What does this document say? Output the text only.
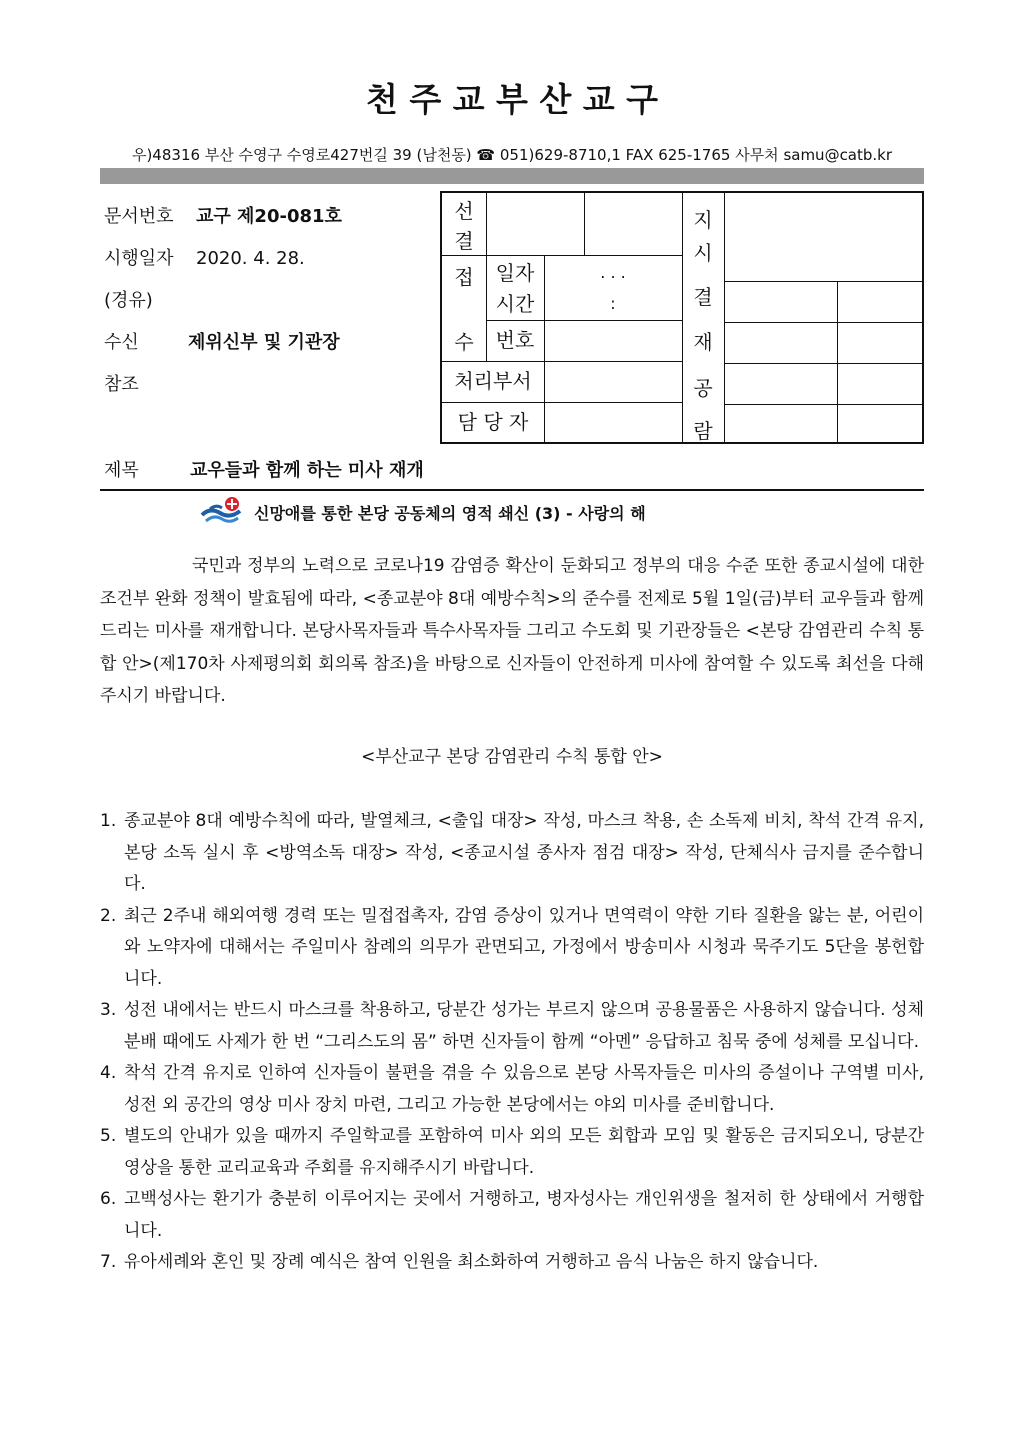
천 주 교 부 산 교 구
우)48316 부산 수영구 수영로427번길 39 (남천동) ☎ 051)629-8710,1 FAX 625-1765 사무처 samu@catb.kr
문서번호 교구 제20-081호
시행일자 2020. 4. 28.
(경유)
수신	제위신부 및 기관장
참조
선
결
접
수
일자
시간
번호
. . .
:
처리부서
담 당 자
지
시
결
재
공
람
제목	교우들과 함께 하는 미사 재개
신망애를 통한 본당 공동체의 영적 쇄신 (3) - 사랑의 해
국민과 정부의 노력으로 코로나19 감염증 확산이 둔화되고 정부의 대응 수준 또한 종교시설에 대한 조건부 완화 정책이 발효됨에 따라, <종교분야 8대 예방수칙>의 준수를 전제로 5월 1일(금)부터 교우들과 함께 드리는 미사를 재개합니다. 본당사목자들과 특수사목자들 그리고 수도회 및 기관장들은 <본당 감염관리 수칙 통합 안>(제170차 사제평의회 회의록 참조)을 바탕으로 신자들이 안전하게 미사에 참여할 수 있도록 최선을 다해주시기 바랍니다.
<부산교구 본당 감염관리 수칙 통합 안>
1. 종교분야 8대 예방수칙에 따라, 발열체크, <출입 대장> 작성, 마스크 착용, 손 소독제 비치, 착석 간격 유지, 본당 소독 실시 후 <방역소독 대장> 작성, <종교시설 종사자 점검 대장> 작성, 단체식사 금지를 준수합니다.
2. 최근 2주내 해외여행 경력 또는 밀접접촉자, 감염 증상이 있거나 면역력이 약한 기타 질환을 앓는 분, 어린이와 노약자에 대해서는 주일미사 참례의 의무가 관면되고, 가정에서 방송미사 시청과 묵주기도 5단을 봉헌합니다.
3. 성전 내에서는 반드시 마스크를 착용하고, 당분간 성가는 부르지 않으며 공용물품은 사용하지 않습니다. 성체분배 때에도 사제가 한 번 “그리스도의 몸” 하면 신자들이 함께 “아멘” 응답하고 침묵 중에 성체를 모십니다.
4. 착석 간격 유지로 인하여 신자들이 불편을 겪을 수 있음으로 본당 사목자들은 미사의 증설이나 구역별 미사, 성전 외 공간의 영상 미사 장치 마련, 그리고 가능한 본당에서는 야외 미사를 준비합니다.
5. 별도의 안내가 있을 때까지 주일학교를 포함하여 미사 외의 모든 회합과 모임 및 활동은 금지되오니, 당분간 영상을 통한 교리교육과 주회를 유지해주시기 바랍니다.
6. 고백성사는 환기가 충분히 이루어지는 곳에서 거행하고, 병자성사는 개인위생을 철저히 한 상태에서 거행합니다.
7. 유아세례와 혼인 및 장례 예식은 참여 인원을 최소화하여 거행하고 음식 나눔은 하지 않습니다.
